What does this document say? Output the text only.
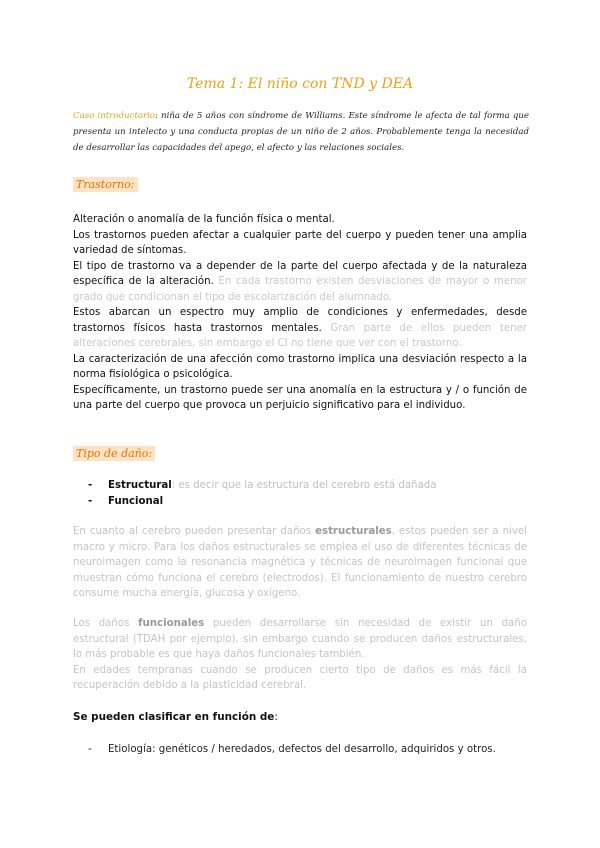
Tema 1: El niño con TND y DEA
Caso introductorio: niña de 5 años con síndrome de Williams. Este síndrome le afecta de tal forma que presenta un intelecto y una conducta propias de un niño de 2 años. Probablemente tenga la necesidad de desarrollar las capacidades del apego, el afecto y las relaciones sociales.
Trastorno:
Alteración o anomalía de la función física o mental.
Los trastornos pueden afectar a cualquier parte del cuerpo y pueden tener una amplia variedad de síntomas.
El tipo de trastorno va a depender de la parte del cuerpo afectada y de la naturaleza específica de la alteración. En cada trastorno existen desviaciones de mayor o menor grado que condicionan el tipo de escolarización del alumnado.
Estos abarcan un espectro muy amplio de condiciones y enfermedades, desde trastornos físicos hasta trastornos mentales. Gran parte de ellos pueden tener alteraciones cerebrales, sin embargo el CI no tiene que ver con el trastorno.
La caracterización de una afección como trastorno implica una desviación respecto a la norma fisiológica o psicológica.
Específicamente, un trastorno puede ser una anomalía en la estructura y / o función de una parte del cuerpo que provoca un perjuicio significativo para el individuo.
Tipo de daño:
- Estructural: es decir que la estructura del cerebro está dañada
- Funcional
En cuanto al cerebro pueden presentar daños estructurales, estos pueden ser a nivel macro y micro. Para los daños estructurales se emplea el uso de diferentes técnicas de neuroimagen como la resonancia magnética y técnicas de neuroimagen funcional que muestran cómo funciona el cerebro (electrodos). El funcionamiento de nuestro cerebro consume mucha energía, glucosa y oxígeno.
Los daños funcionales pueden desarrollarse sin necesidad de existir un daño estructural (TDAH por ejemplo), sin embargo cuando se producen daños estructurales, lo más probable es que haya daños funcionales también.
En edades tempranas cuando se producen cierto tipo de daños es más fácil la recuperación debido a la plasticidad cerebral.
Se pueden clasificar en función de:
- Etiología: genéticos / heredados, defectos del desarrollo, adquiridos y otros.
